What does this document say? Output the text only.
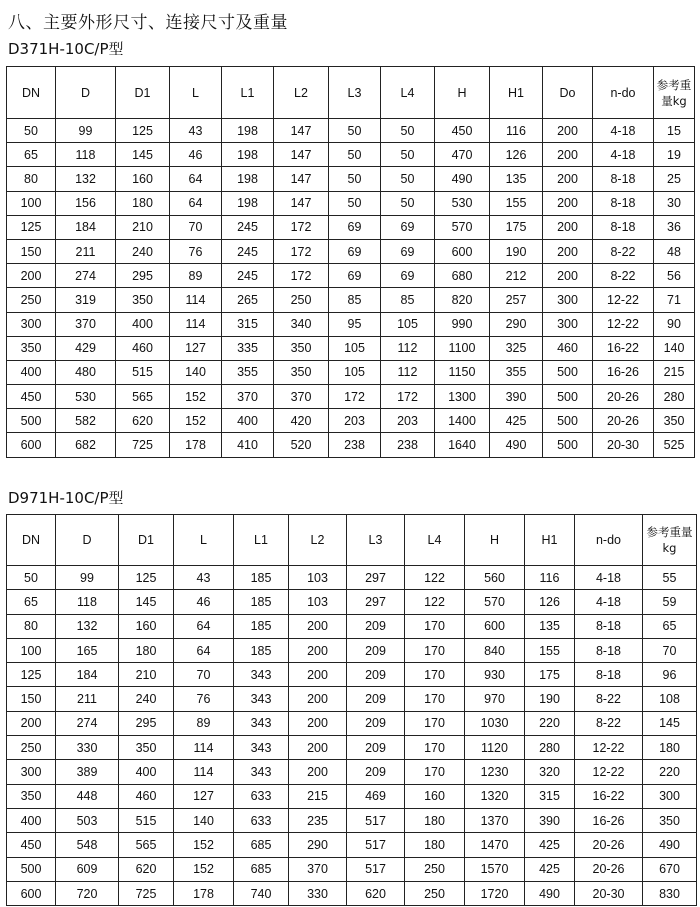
八、主要外形尺寸、连接尺寸及重量
D371H-10C/P型
DN	D	D1	L	L1	L2	L3	L4	H	H1	Do	n-do	参考重量kg
50	99	125	43	198	147	50	50	450	116	200	4-18	15
65	118	145	46	198	147	50	50	470	126	200	4-18	19
80	132	160	64	198	147	50	50	490	135	200	8-18	25
100	156	180	64	198	147	50	50	530	155	200	8-18	30
125	184	210	70	245	172	69	69	570	175	200	8-18	36
150	211	240	76	245	172	69	69	600	190	200	8-22	48
200	274	295	89	245	172	69	69	680	212	200	8-22	56
250	319	350	114	265	250	85	85	820	257	300	12-22	71
300	370	400	114	315	340	95	105	990	290	300	12-22	90
350	429	460	127	335	350	105	112	1100	325	460	16-22	140
400	480	515	140	355	350	105	112	1150	355	500	16-26	215
450	530	565	152	370	370	172	172	1300	390	500	20-26	280
500	582	620	152	400	420	203	203	1400	425	500	20-26	350
600	682	725	178	410	520	238	238	1640	490	500	20-30	525
D971H-10C/P型
DN	D	D1	L	L1	L2	L3	L4	H	H1	n-do	参考重量kg
50	99	125	43	185	103	297	122	560	116	4-18	55
65	118	145	46	185	103	297	122	570	126	4-18	59
80	132	160	64	185	200	209	170	600	135	8-18	65
100	165	180	64	185	200	209	170	840	155	8-18	70
125	184	210	70	343	200	209	170	930	175	8-18	96
150	211	240	76	343	200	209	170	970	190	8-22	108
200	274	295	89	343	200	209	170	1030	220	8-22	145
250	330	350	114	343	200	209	170	1120	280	12-22	180
300	389	400	114	343	200	209	170	1230	320	12-22	220
350	448	460	127	633	215	469	160	1320	315	16-22	300
400	503	515	140	633	235	517	180	1370	390	16-26	350
450	548	565	152	685	290	517	180	1470	425	20-26	490
500	609	620	152	685	370	517	250	1570	425	20-26	670
600	720	725	178	740	330	620	250	1720	490	20-30	830
